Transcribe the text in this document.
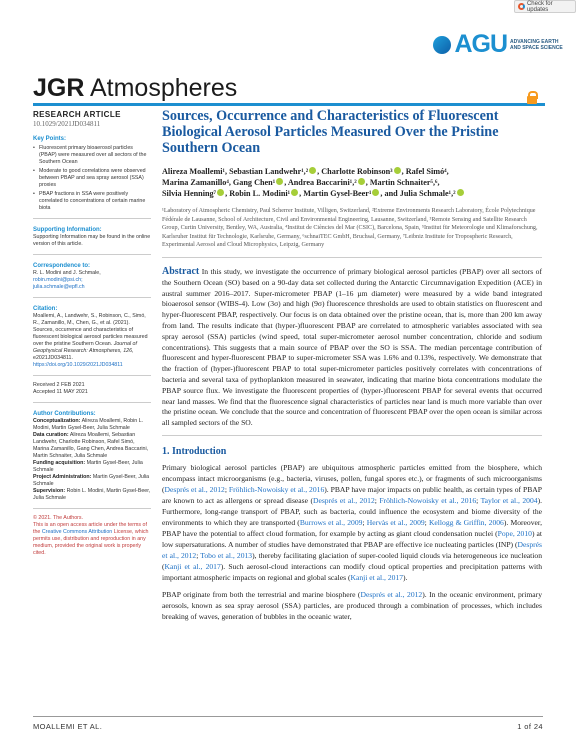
Check for updates
AGU ADVANCING EARTH AND SPACE SCIENCE
JGR Atmospheres
RESEARCH ARTICLE
10.1029/2021JD034811
Key Points:
• Fluorescent primary bioaerosol particles (PBAP) were measured over all sectors of the Southern Ocean
• Moderate to good correlations were observed between PBAP and sea spray aerosol (SSA) proxies
• PBAP fractions in SSA were positively correlated to concentrations of certain marine biota
Supporting Information:
Supporting Information may be found in the online version of this article.
Correspondence to:
R. L. Modini and J. Schmale,
robin.modini@psi.ch;
julia.schmale@epfl.ch
Citation:
Moallemi, A., Landwehr, S., Robinson, C., Simó, R., Zamanillo, M., Chen, G., et al. (2021). Sources, occurrence and characteristics of fluorescent biological aerosol particles measured over the pristine Southern Ocean. Journal of Geophysical Research: Atmospheres, 126, e2021JD034811. https://doi.org/10.1029/2021JD034811
Received 2 FEB 2021
Accepted 11 MAY 2021
Author Contributions:
Conceptualization: Alireza Moallemi, Robin L. Modini, Martin Gysel-Beer, Julia Schmale
Data curation: Alireza Moallemi, Sebastian Landwehr, Charlotte Robinson, Rafel Simó, Marina Zamanillo, Gang Chen, Andrea Baccarini, Martin Schnaiter, Julia Schmale
Funding acquisition: Martin Gysel-Beer, Julia Schmale
Project Administration: Martin Gysel-Beer, Julia Schmale
Supervision: Robin L. Modini, Martin Gysel-Beer, Julia Schmale
© 2021. The Authors.
This is an open access article under the terms of the Creative Commons Attribution License, which permits use, distribution and reproduction in any medium, provided the original work is properly cited.
Sources, Occurrence and Characteristics of Fluorescent Biological Aerosol Particles Measured Over the Pristine Southern Ocean
Alireza Moallemi¹, Sebastian Landwehr¹,² , Charlotte Robinson³ , Rafel Simó⁴,
Marina Zamanillo⁴, Gang Chen¹ , Andrea Baccarini¹,² , Martin Schnaiter⁵,⁶,
Silvia Henning⁷ , Robin L. Modini¹ , Martin Gysel-Beer¹ , and Julia Schmale¹,²
¹Laboratory of Atmospheric Chemistry, Paul Scherrer Institute, Villigen, Switzerland, ²Extreme Environments Research Laboratory, École Polytechnique Fédérale de Lausanne, School of Architecture, Civil and Environmental Engineering, Lausanne, Switzerland, ³Remote Sensing and Satellite Research Group, Curtin University, Bentley, WA, Australia, ⁴Institut de Ciències del Mar (CSIC), Barcelona, Spain, ⁵Institut für Meteorologie und Klimaforschung, Karlsruher Institut für Technologie, Karlsruhe, Germany, ⁶schnaiTEC GmbH, Bruchsal, Germany, ⁷Leibniz Institute for Tropospheric Research, Experimental Aerosol and Cloud Microphysics, Leipzig, Germany
Abstract In this study, we investigate the occurrence of primary biological aerosol particles (PBAP) over all sectors of the Southern Ocean (SO) based on a 90-day data set collected during the Antarctic Circumnavigation Expedition (ACE) in austral summer 2016–2017. Super-micrometer PBAP (1–16 µm diameter) were measured by a wide band integrated bioaerosol sensor (WIBS-4). Low (3σ) and high (9σ) fluorescence thresholds are used to obtain statistics on fluorescent and hyper-fluorescent PBAP, respectively. Our focus is on data obtained over the pristine ocean, that is, more than 200 km away from land. The results indicate that (hyper-)fluorescent PBAP are correlated to atmospheric variables associated with sea spray aerosol (SSA) particles (wind speed, total super-micrometer aerosol number concentration, chloride and sodium concentrations). This suggests that a main source of PBAP over the SO is SSA. The median percentage contribution of fluorescent and hyper-fluorescent PBAP to super-micrometer SSA was 1.6% and 0.13%, respectively. We demonstrate that the fraction of (hyper-)fluorescent PBAP to total super-micrometer particles positively correlates with concentrations of bacteria and several taxa of pythoplankton measured in seawater, indicating that marine biota concentrations modulate the PBAP source flux. We investigate the fluorescent properties of (hyper-)fluorescent PBAP for several events that occurred near land masses. We find that the fluorescence signal characteristics of particles near land is much more variable than over the pristine ocean. We conclude that the source and concentration of fluorescent PBAP over the open ocean is similar across all sampled sectors of the SO.
1. Introduction

Primary biological aerosol particles (PBAP) are ubiquitous atmospheric particles emitted from the biosphere, which encompass intact microorganisms (e.g., bacteria, viruses, pollen, fungal spores etc.), or fragments of such microorganisms (Després et al., 2012; Fröhlich-Nowoisky et al., 2016). PBAP have major impacts on public health, as certain types of PBAP are known to act as allergens or spread disease (Després et al., 2012; Fröhlich-Nowoisky et al., 2016; Taylor et al., 2004). Furthermore, long-range transport of PBAP, such as bacteria, could influence the ecosystem and biome diversity of the environments to which they are transported (Burrows et al., 2009; Hervàs et al., 2009; Kellogg & Griffin, 2006). Moreover, PBAP have the potential to affect cloud formation, for example by acting as giant cloud condensation nuclei (Pope, 2010) at low supersaturations. A number of studies have demonstrated that PBAP are effective ice nucleating particles (INP) (Després et al., 2012; Tobo et al., 2013), thereby facilitating glaciation of super-cooled liquid clouds via heterogeneous ice nucleation (Kanji et al., 2017). Such aerosol-cloud interactions can modify cloud optical properties and precipitation patterns with important atmospheric impacts on regional and global scales (Kanji et al., 2017).

PBAP originate from both the terrestrial and marine biosphere (Després et al., 2012). In the oceanic environment, primary aerosols, known as sea spray aerosol (SSA) particles, are produced through a combination of processes, which includes breaking of waves, generation of bubbles in the oceanic water,

MOALLEMI ET AL.	1 of 24
